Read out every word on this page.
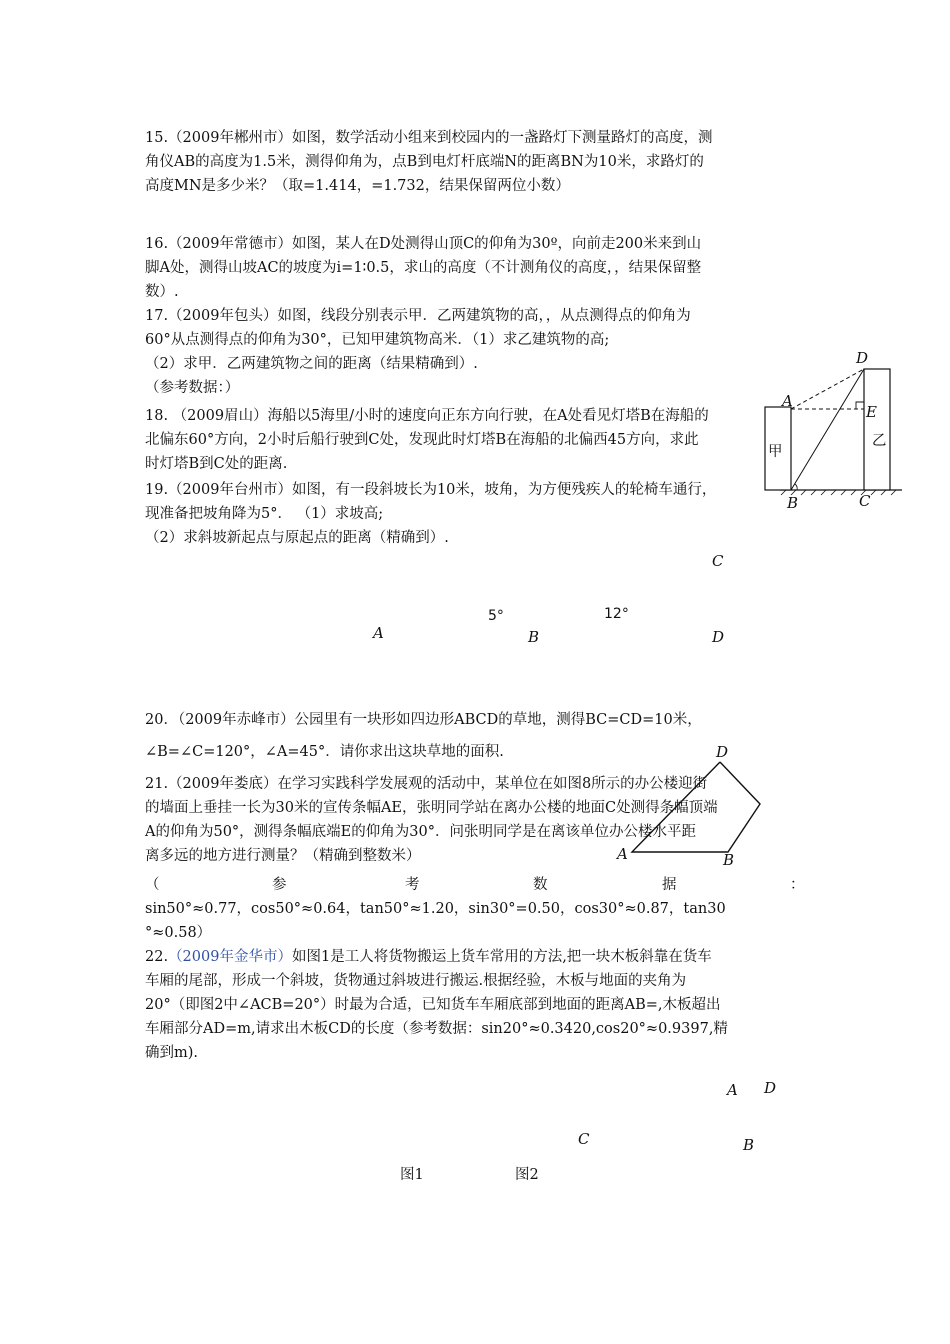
15.（2009年郴州市）如图，数学活动小组来到校园内的一盏路灯下测量路灯的高度，测
角仪AB的高度为1.5米，测得仰角为，点B到电灯杆底端N的距离BN为10米，求路灯的
高度MN是多少米？（取=1.414，=1.732，结果保留两位小数）
16.（2009年常德市）如图，某人在D处测得山顶C的仰角为30º，向前走200米来到山
脚A处，测得山坡AC的坡度为i=1∶0.5，求山的高度（不计测角仪的高度，，结果保留整
数）.
17.（2009年包头）如图，线段分别表示甲．乙两建筑物的高，，从点测得点的仰角为
60°从点测得点的仰角为30°，已知甲建筑物高米．（1）求乙建筑物的高;
（2）求甲．乙两建筑物之间的距离（结果精确到）.
（参考数据：）
18. （2009眉山）海船以5海里/小时的速度向正东方向行驶，在A处看见灯塔B在海船的
北偏东60°方向，2小时后船行驶到C处，发现此时灯塔B在海船的北偏西45方向，求此
时灯塔B到C处的距离.
19.（2009年台州市）如图，有一段斜坡长为10米，坡角，为方便残疾人的轮椅车通行，
现准备把坡角降为5°． （1）求坡高;
（2）求斜坡新起点与原起点的距离（精确到）.
C
5°	12°
A	B	D
20．（2009年赤峰市）公园里有一块形如四边形ABCD的草地，测得BC=CD=10米，
∠B=∠C=120°，∠A=45°．请你求出这块草地的面积.	D
A	B
21.（2009年娄底）在学习实践科学发展观的活动中，某单位在如图8所示的办公楼迎街
的墙面上垂挂一长为30米的宣传条幅AE，张明同学站在离办公楼的地面C处测得条幅顶端
A的仰角为50°，测得条幅底端E的仰角为30°．问张明同学是在离该单位办公楼水平距
离多远的地方进行测量？（精确到整数米）
（	参	考	数	据	：
sin50°≈0.77，cos50°≈0.64，tan50°≈1.20，sin30°=0.50，cos30°≈0.87，tan30
°≈0.58）
22.（2009年金华市）如图1是工人将货物搬运上货车常用的方法,把一块木板斜靠在货车
车厢的尾部，形成一个斜坡，货物通过斜坡进行搬运.根据经验，木板与地面的夹角为
20°（即图2中∠ACB=20°）时最为合适，已知货车车厢底部到地面的距离AB=,木板超出
车厢部分AD=m,请求出木板CD的长度（参考数据：sin20°≈0.3420,cos20°≈0.9397,精
确到m).
A D
C	B
图1	图2
D
A
E
甲
乙
B	C
